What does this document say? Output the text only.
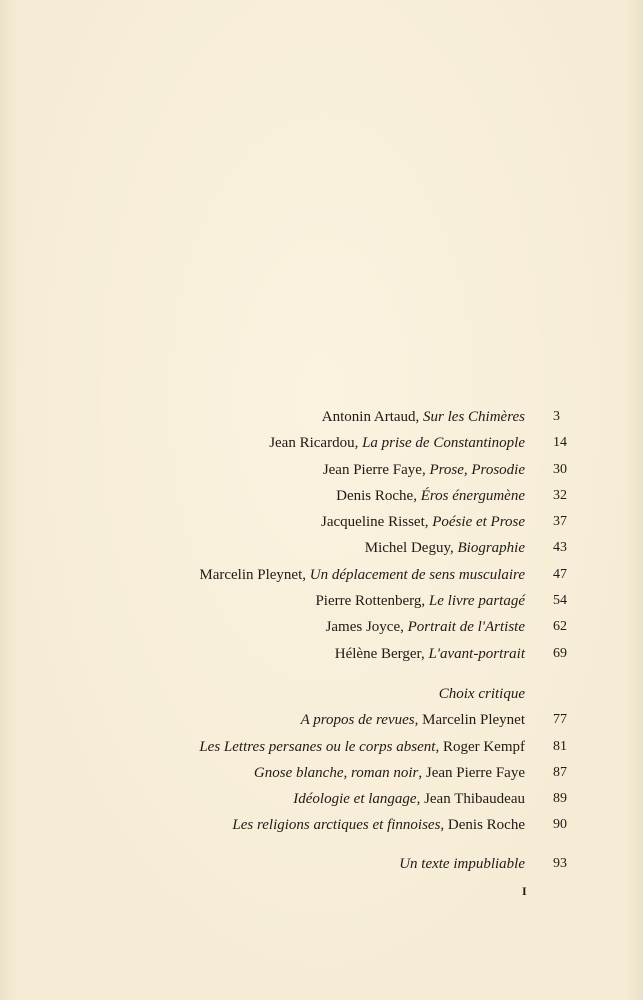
Antonin Artaud, Sur les Chimères 3
Jean Ricardou, La prise de Constantinople 14
Jean Pierre Faye, Prose, Prosodie 30
Denis Roche, Éros énergumène 32
Jacqueline Risset, Poésie et Prose 37
Michel Deguy, Biographie 43
Marcelin Pleynet, Un déplacement de sens musculaire 47
Pierre Rottenberg, Le livre partagé 54
James Joyce, Portrait de l'Artiste 62
Hélène Berger, L'avant-portrait 69
Choix critique
A propos de revues, Marcelin Pleynet 77
Les Lettres persanes ou le corps absent, Roger Kempf 81
Gnose blanche, roman noir, Jean Pierre Faye 87
Idéologie et langage, Jean Thibaudeau 89
Les religions arctiques et finnoises, Denis Roche 90
Un texte impubliable 93
I
